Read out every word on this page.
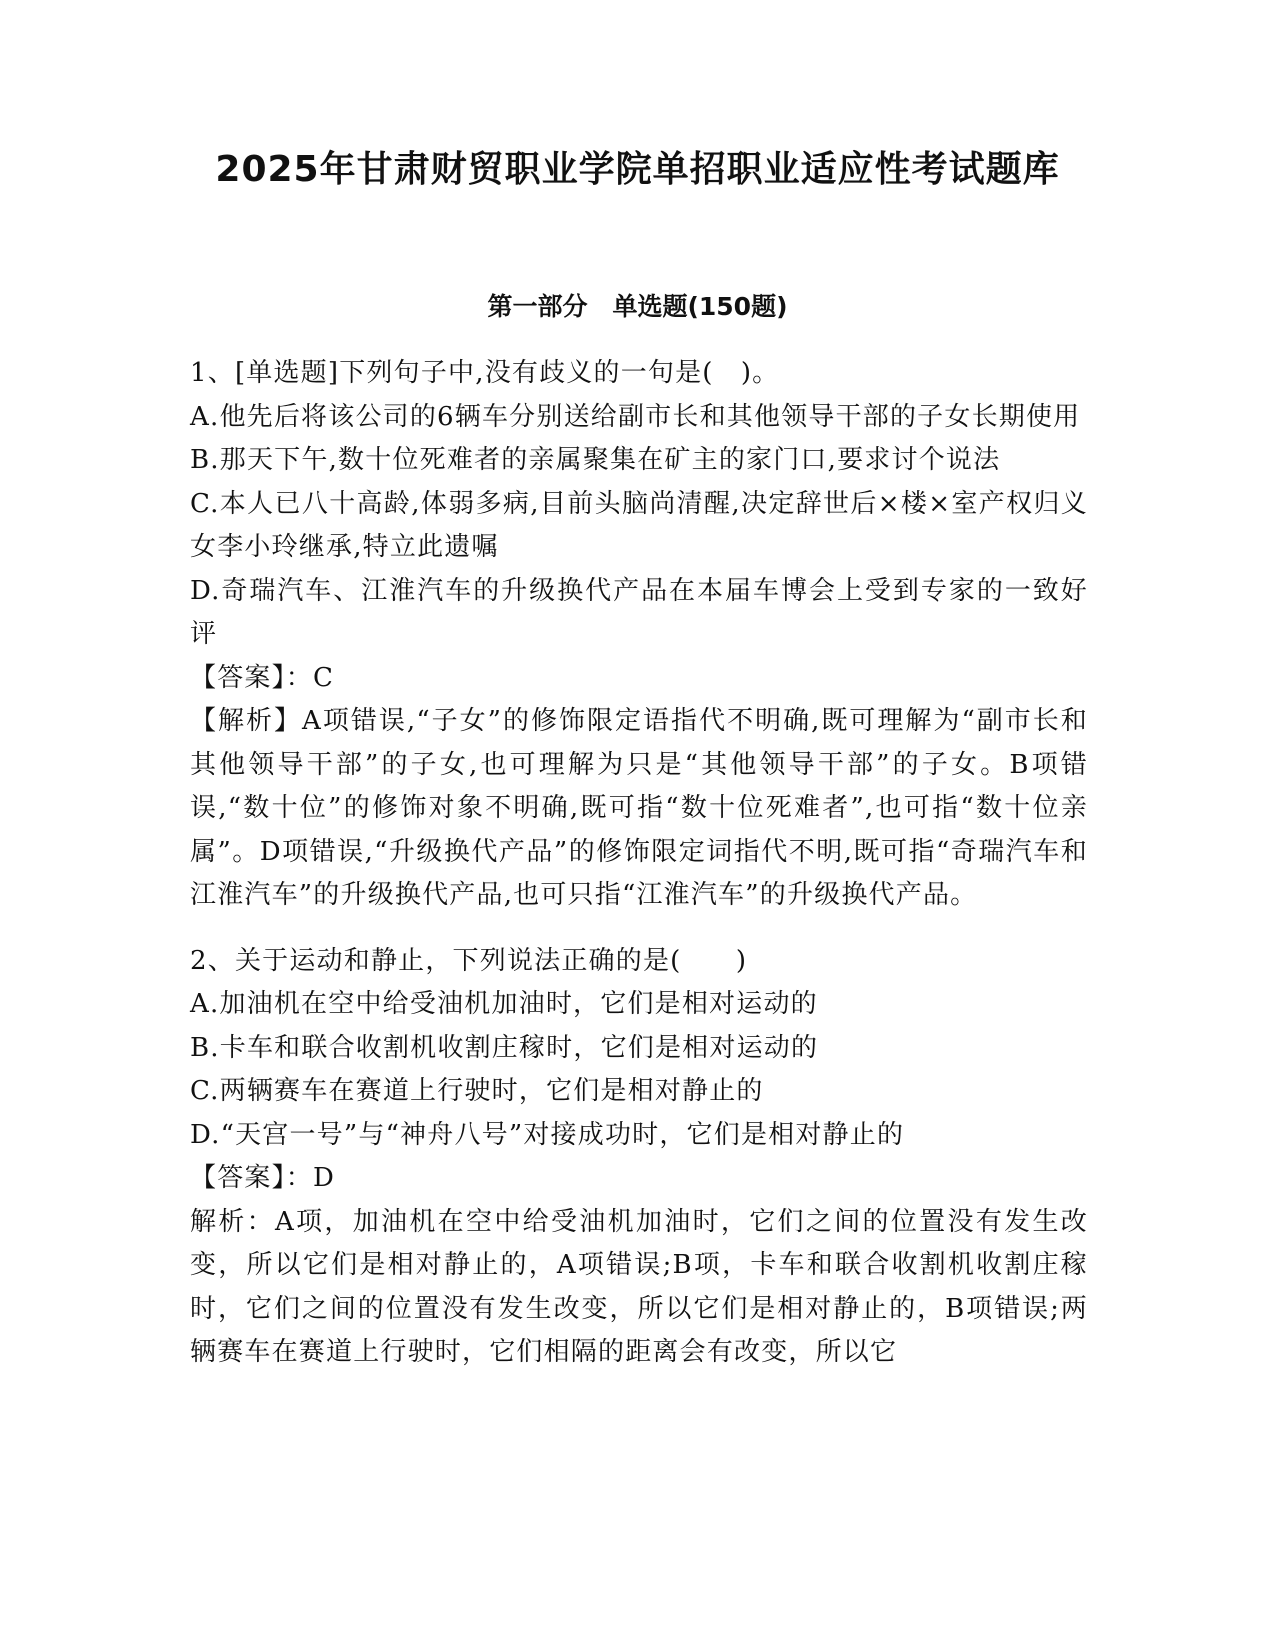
2025年甘肃财贸职业学院单招职业适应性考试题库
第一部分　单选题(150题)

1、[单选题]下列句子中,没有歧义的一句是(　)。

A.他先后将该公司的6辆车分别送给副市长和其他领导干部的子女长期使用

B.那天下午,数十位死难者的亲属聚集在矿主的家门口,要求讨个说法

C.本人已八十高龄,体弱多病,目前头脑尚清醒,决定辞世后×楼×室产权归义女李小玲继承,特立此遗嘱

D.奇瑞汽车、江淮汽车的升级换代产品在本届车博会上受到专家的一致好评

【答案】：C

【解析】A项错误,“子女”的修饰限定语指代不明确,既可理解为“副市长和其他领导干部”的子女,也可理解为只是“其他领导干部”的子女。B项错误,“数十位”的修饰对象不明确,既可指“数十位死难者”,也可指“数十位亲属”。D项错误,“升级换代产品”的修饰限定词指代不明,既可指“奇瑞汽车和江淮汽车”的升级换代产品,也可只指“江淮汽车”的升级换代产品。

2、关于运动和静止，下列说法正确的是(　　)

A.加油机在空中给受油机加油时，它们是相对运动的

B.卡车和联合收割机收割庄稼时，它们是相对运动的

C.两辆赛车在赛道上行驶时，它们是相对静止的

D.“天宫一号”与“神舟八号”对接成功时，它们是相对静止的

【答案】：D

解析：A项，加油机在空中给受油机加油时，它们之间的位置没有发生改变，所以它们是相对静止的，A项错误;B项，卡车和联合收割机收割庄稼时，它们之间的位置没有发生改变，所以它们是相对静止的，B项错误;两辆赛车在赛道上行驶时，它们相隔的距离会有改变，所以它
